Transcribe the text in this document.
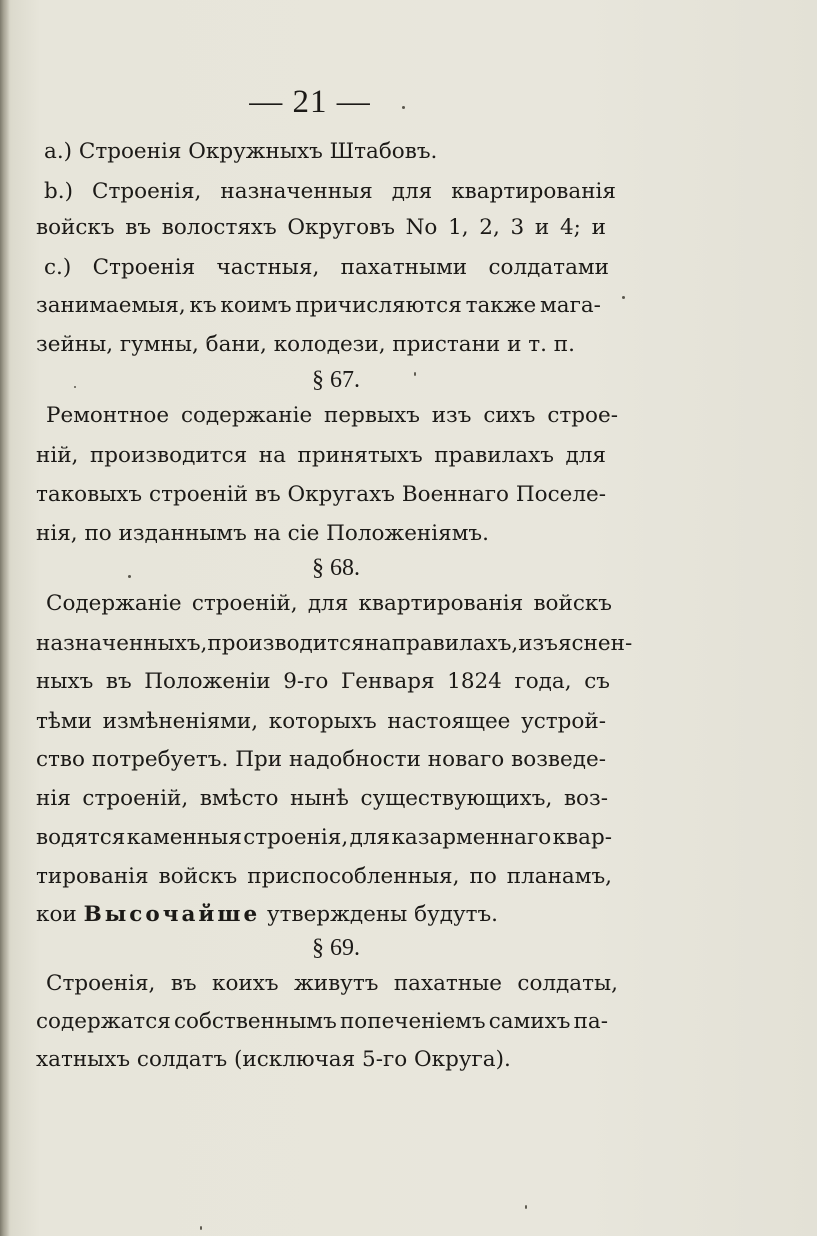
— 21 —
а.) Строенія Окружныхъ Штабовъ.
b.) Строенія, назначенныя для квартированія
войскъ въ волостяхъ Округовъ No 1, 2, 3 и 4; и
с.) Строенія частныя, пахатными солдатами
занимаемыя, къ коимъ причисляются также мага-
зейны, гумны, бани, колодези, пристани и т. п.
§ 67.
Ремонтное содержаніе первыхъ изъ сихъ строе-
ній, производится на принятыхъ правилахъ для
таковыхъ строеній въ Округахъ Военнаго Поселе-
нія, по изданнымъ на сіе Положеніямъ.
§ 68.
Содержаніе строеній, для квартированія войскъ
назначенныхъ, производится на правилахъ, изъяснен-
ныхъ въ Положеніи 9-го Генваря 1824 года, съ
тѣми измѣненіями, которыхъ настоящее устрой-
ство потребуетъ. При надобности новаго возведе-
нія строеній, вмѣсто нынѣ существующихъ, воз-
водятся каменныя строенія, для казарменнаго квар-
тированія войскъ приспособленныя, по планамъ,
кои Высочайше утверждены будутъ.
§ 69.
Строенія, въ коихъ живутъ пахатные солдаты,
содержатся собственнымъ попеченіемъ самихъ па-
хатныхъ солдатъ (исключая 5-го Округа).
